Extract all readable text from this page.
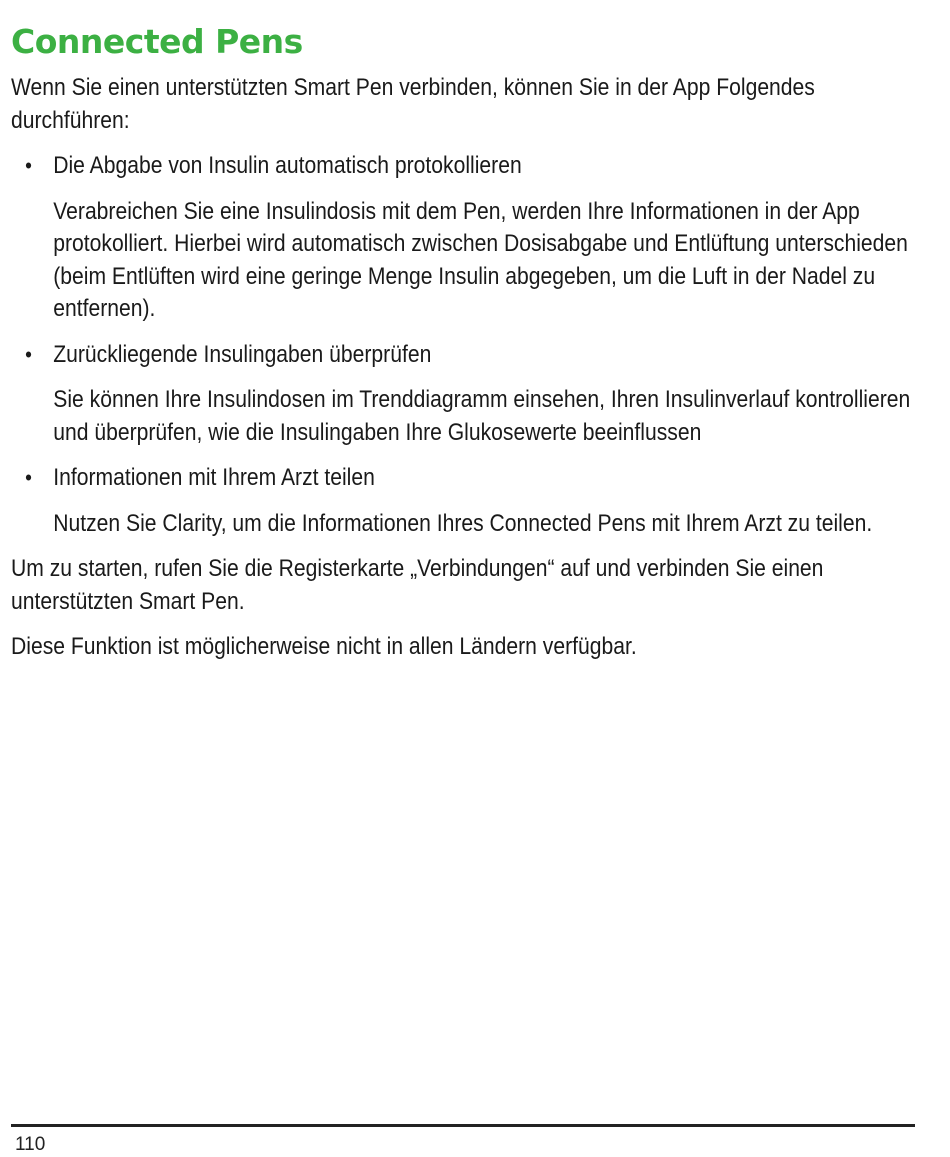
Connected Pens

Wenn Sie einen unterstützten Smart Pen verbinden, können Sie in der App Folgendes durchführen:

• Die Abgabe von Insulin automatisch protokollieren

Verabreichen Sie eine Insulindosis mit dem Pen, werden Ihre Informationen in der App protokolliert. Hierbei wird automatisch zwischen Dosisabgabe und Entlüftung unterschieden (beim Entlüften wird eine geringe Menge Insulin abgegeben, um die Luft in der Nadel zu entfernen).

• Zurückliegende Insulingaben überprüfen

Sie können Ihre Insulindosen im Trenddiagramm einsehen, Ihren Insulinverlauf kontrollieren und überprüfen, wie die Insulingaben Ihre Glukosewerte beeinflussen

• Informationen mit Ihrem Arzt teilen

Nutzen Sie Clarity, um die Informationen Ihres Connected Pens mit Ihrem Arzt zu teilen.

Um zu starten, rufen Sie die Registerkarte „Verbindungen“ auf und verbinden Sie einen unterstützten Smart Pen.

Diese Funktion ist möglicherweise nicht in allen Ländern verfügbar.

110
